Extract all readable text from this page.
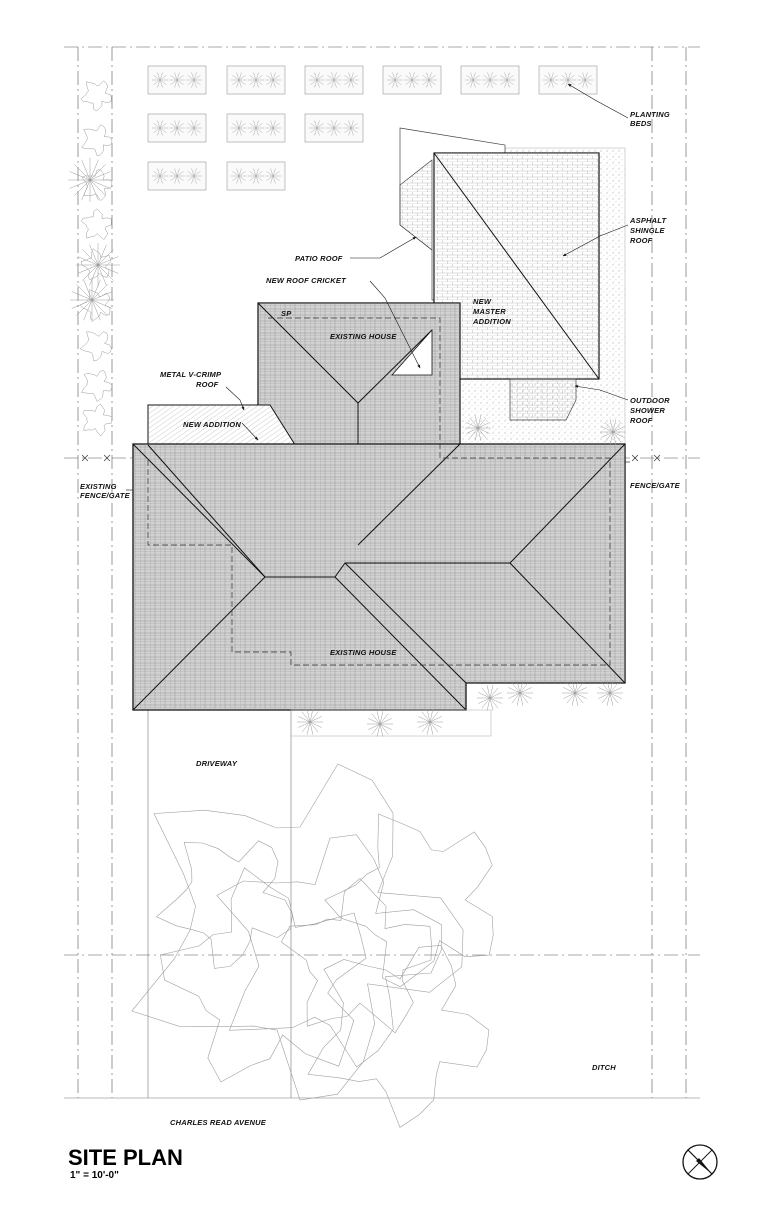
PLANTING
BEDS
ASPHALT
SHINGLE
ROOF
PATIO ROOF
NEW ROOF CRICKET
NEW
MASTER
ADDITION
SP
EXISTING HOUSE
METAL V-CRIMP
ROOF
NEW ADDITION
OUTDOOR
SHOWER
ROOF
EXISTING
FENCE/GATE
FENCE/GATE
EXISTING HOUSE
DRIVEWAY
DITCH
CHARLES READ AVENUE
SITE PLAN
1" = 10'-0"
